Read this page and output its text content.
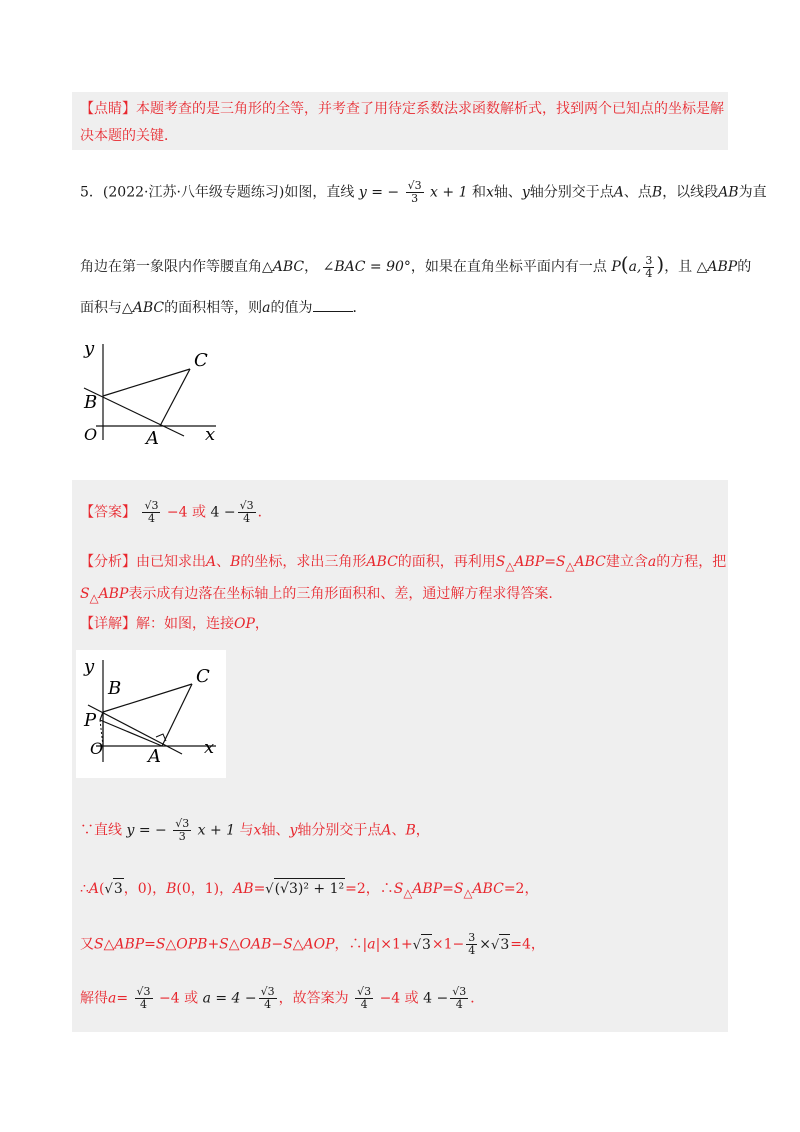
【点睛】本题考查的是三角形的全等，并考查了用待定系数法求函数解析式，找到两个已知点的坐标是解
决本题的关键．
5．(2022·江苏·八年级专题练习)如图，直线 y = − $\frac{√3}{3}$ x + 1 和x轴、y轴分别交于点A、点B，以线段AB为直
角边在第一象限内作等腰直角△ABC， ∠BAC = 90°，如果在直角坐标平面内有一点 P(a, $\frac{3}{4}$ )，且 △ABP的
面积与△ABC的面积相等，则a的值为	．
y
x
O	A
B
C
【答案】 $\frac{√3}{4} -4$ 或 $4 - \frac{√3}{4}$ ．
【分析】由已知求出A、B的坐标，求出三角形ABC的面积，再利用$S_\triangle ABP=S_\triangle ABC$建立含a的方程，把
$S_\triangle ABP$表示成有边落在坐标轴上的三角形面积和、差，通过解方程求得答案.
【详解】解：如图，连接OP，
y
x
O A
B
C
P
∵直线 y = − $\frac{√3}{3}$ x + 1 与x轴、y轴分别交于点A、B，
∴A(√3，0)，B(0，1)，AB=√(√3)² + 1²=2，$\therefore S_\triangle ABP=S_\triangle ABC=2$，
又S△ABP=S△OPB+S△OAB−S△AOP，∴|a|×1+√3×1− $\frac{3}{4} \times√3=4$，
解得$a= \frac{√3}{4} -4$ 或 $a = 4 - \frac{√3}{4}$ ，故答案为 $\frac{√3}{4} -4$ 或 $4 - \frac{√3}{4}$ ．
